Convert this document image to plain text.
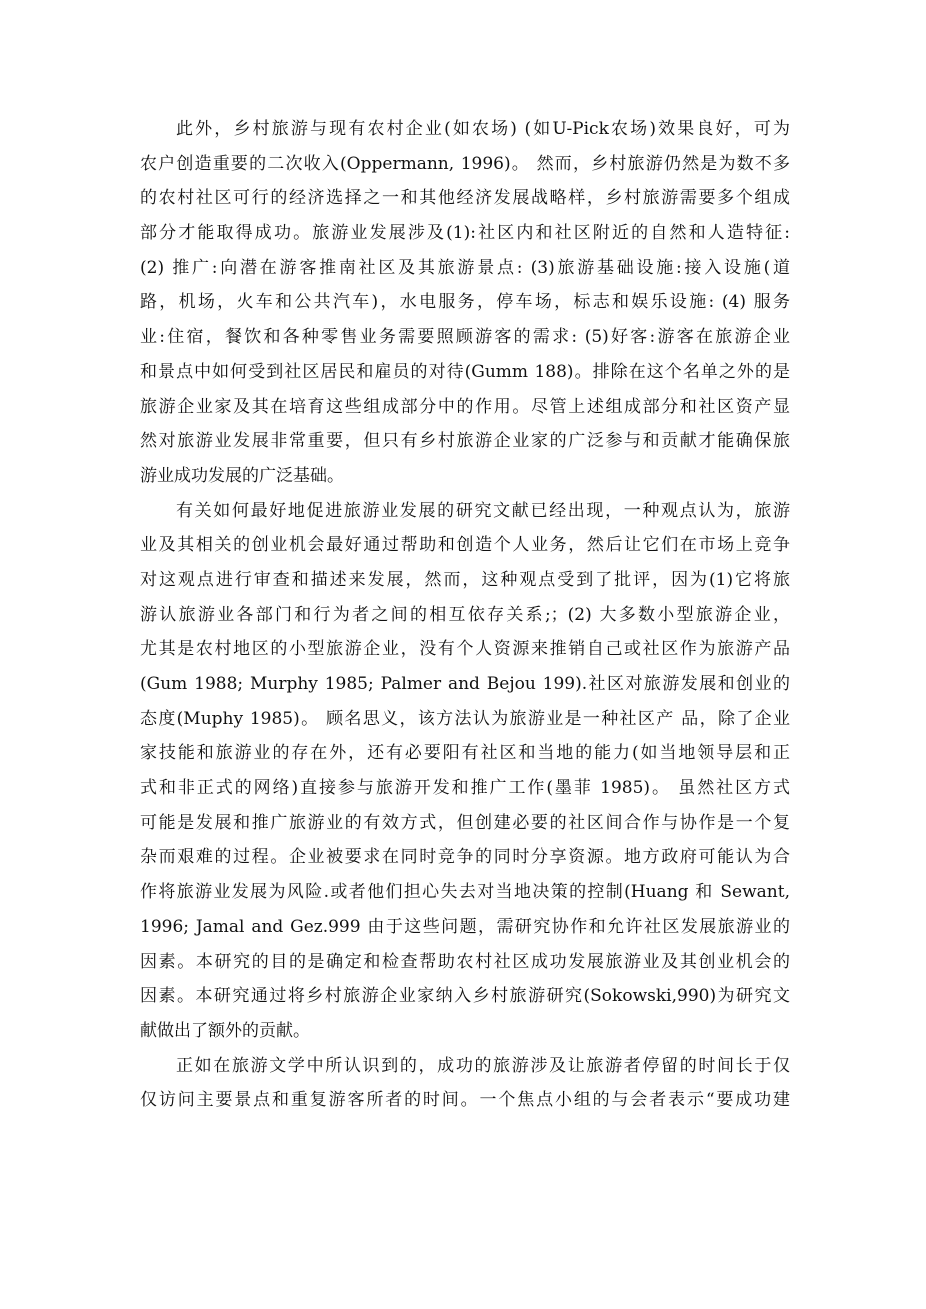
此外，乡村旅游与现有农村企业(如农场) (如U-Pick农场)效果良好，可为
农户创造重要的二次收入(Oppermann, 1996)。 然而，乡村旅游仍然是为数不多
的农村社区可行的经济选择之一和其他经济发展战略样，乡村旅游需要多个组成
部分才能取得成功。旅游业发展涉及(1):社区内和社区附近的自然和人造特征:
(2) 推广:向潜在游客推南社区及其旅游景点: (3)旅游基础设施:接入设施(道
路，机场，火车和公共汽车)，水电服务，停车场，标志和娱乐设施: (4) 服务
业:住宿，餐饮和各种零售业务需要照顾游客的需求: (5)好客:游客在旅游企业
和景点中如何受到社区居民和雇员的对待(Gumm 188)。排除在这个名单之外的是
旅游企业家及其在培育这些组成部分中的作用。尽管上述组成部分和社区资产显
然对旅游业发展非常重要，但只有乡村旅游企业家的广泛参与和贡献才能确保旅
游业成功发展的广泛基础。
有关如何最好地促进旅游业发展的研究文献已经出现，一种观点认为，旅游
业及其相关的创业机会最好通过帮助和创造个人业务，然后让它们在市场上竞争
对这观点进行审查和描述来发展，然而，这种观点受到了批评，因为(1)它将旅
游认旅游业各部门和行为者之间的相互依存关系;；(2) 大多数小型旅游企业，
尤其是农村地区的小型旅游企业，没有个人资源来推销自己或社区作为旅游产品
(Gum 1988; Murphy 1985; Palmer and Bejou 199).社区对旅游发展和创业的
态度(Muphy 1985)。 顾名思义，该方法认为旅游业是一种社区产 品，除了企业
家技能和旅游业的存在外，还有必要阳有社区和当地的能力(如当地领导层和正
式和非正式的网络)直接参与旅游开发和推广工作(墨菲 1985)。 虽然社区方式
可能是发展和推广旅游业的有效方式，但创建必要的社区间合作与协作是一个复
杂而艰难的过程。企业被要求在同时竞争的同时分享资源。地方政府可能认为合
作将旅游业发展为风险.或者他们担心失去对当地决策的控制(Huang 和 Sewant,
1996; Jamal and Gez.999 由于这些问题，需研究协作和允许社区发展旅游业的
因素。本研究的目的是确定和检查帮助农村社区成功发展旅游业及其创业机会的
因素。本研究通过将乡村旅游企业家纳入乡村旅游研究(Sokowski,990)为研究文
献做出了额外的贡献。
正如在旅游文学中所认识到的，成功的旅游涉及让旅游者停留的时间长于仅
仅访问主要景点和重复游客所者的时间。一个焦点小组的与会者表示“要成功建
